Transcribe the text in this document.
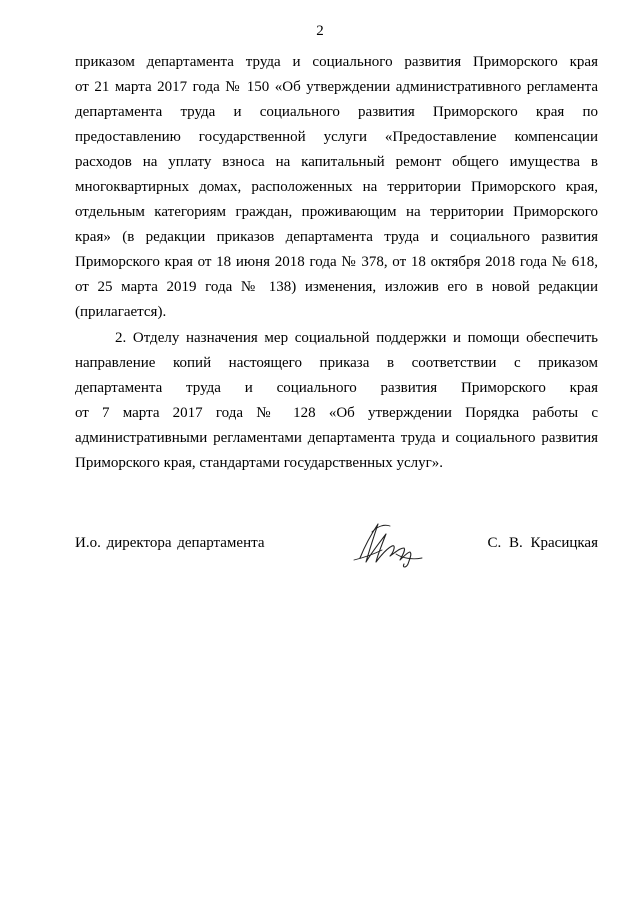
2
приказом департамента труда и социального развития Приморского края
от 21 марта 2017 года № 150 «Об утверждении административного регламента
департамента труда и социального развития Приморского края по
предоставлению государственной услуги «Предоставление компенсации
расходов на уплату взноса на капитальный ремонт общего имущества в
многоквартирных домах, расположенных на территории Приморского края,
отдельным категориям граждан, проживающим на территории Приморского
края» (в редакции приказов департамента труда и социального развития
Приморского края от 18 июня 2018 года № 378, от 18 октября 2018 года № 618,
от 25 марта 2019 года № 138) изменения, изложив его в новой редакции
(прилагается).
2. Отделу назначения мер социальной поддержки и помощи обеспечить
направление копий настоящего приказа в соответствии с приказом
департамента труда и социального развития Приморского края
от 7 марта 2017 года № 128 «Об утверждении Порядка работы с
административными регламентами департамента труда и социального развития
Приморского края, стандартами государственных услуг».
И.о. директора департамента	С. В. Красицкая
